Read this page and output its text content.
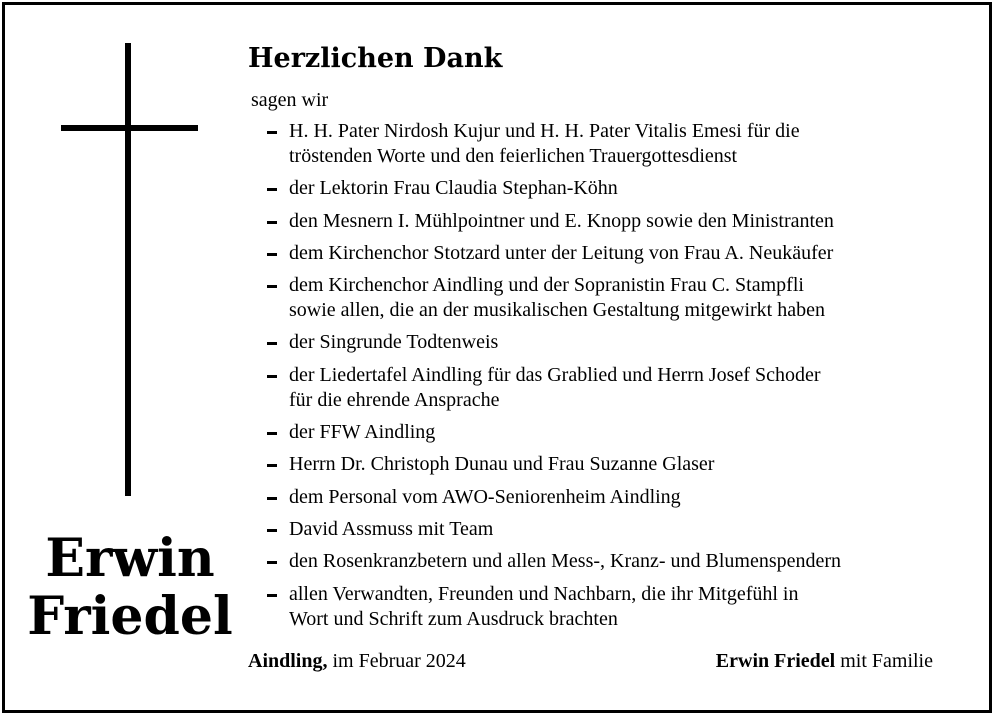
Erwin
Friedel
Herzlichen Dank
sagen wir
H. H. Pater Nirdosh Kujur und H. H. Pater Vitalis Emesi für die
tröstenden Worte und den feierlichen Trauergottesdienst
der Lektorin Frau Claudia Stephan-Köhn
den Mesnern I. Mühlpointner und E. Knopp sowie den Ministranten
dem Kirchenchor Stotzard unter der Leitung von Frau A. Neukäufer
dem Kirchenchor Aindling und der Sopranistin Frau C. Stampfli
sowie allen, die an der musikalischen Gestaltung mitgewirkt haben
der Singrunde Todtenweis
der Liedertafel Aindling für das Grablied und Herrn Josef Schoder
für die ehrende Ansprache
der FFW Aindling
Herrn Dr. Christoph Dunau und Frau Suzanne Glaser
dem Personal vom AWO-Seniorenheim Aindling
David Assmuss mit Team
den Rosenkranzbetern und allen Mess-, Kranz- und Blumenspendern
allen Verwandten, Freunden und Nachbarn, die ihr Mitgefühl in
Wort und Schrift zum Ausdruck brachten
Aindling, im Februar 2024	Erwin Friedel mit Familie
